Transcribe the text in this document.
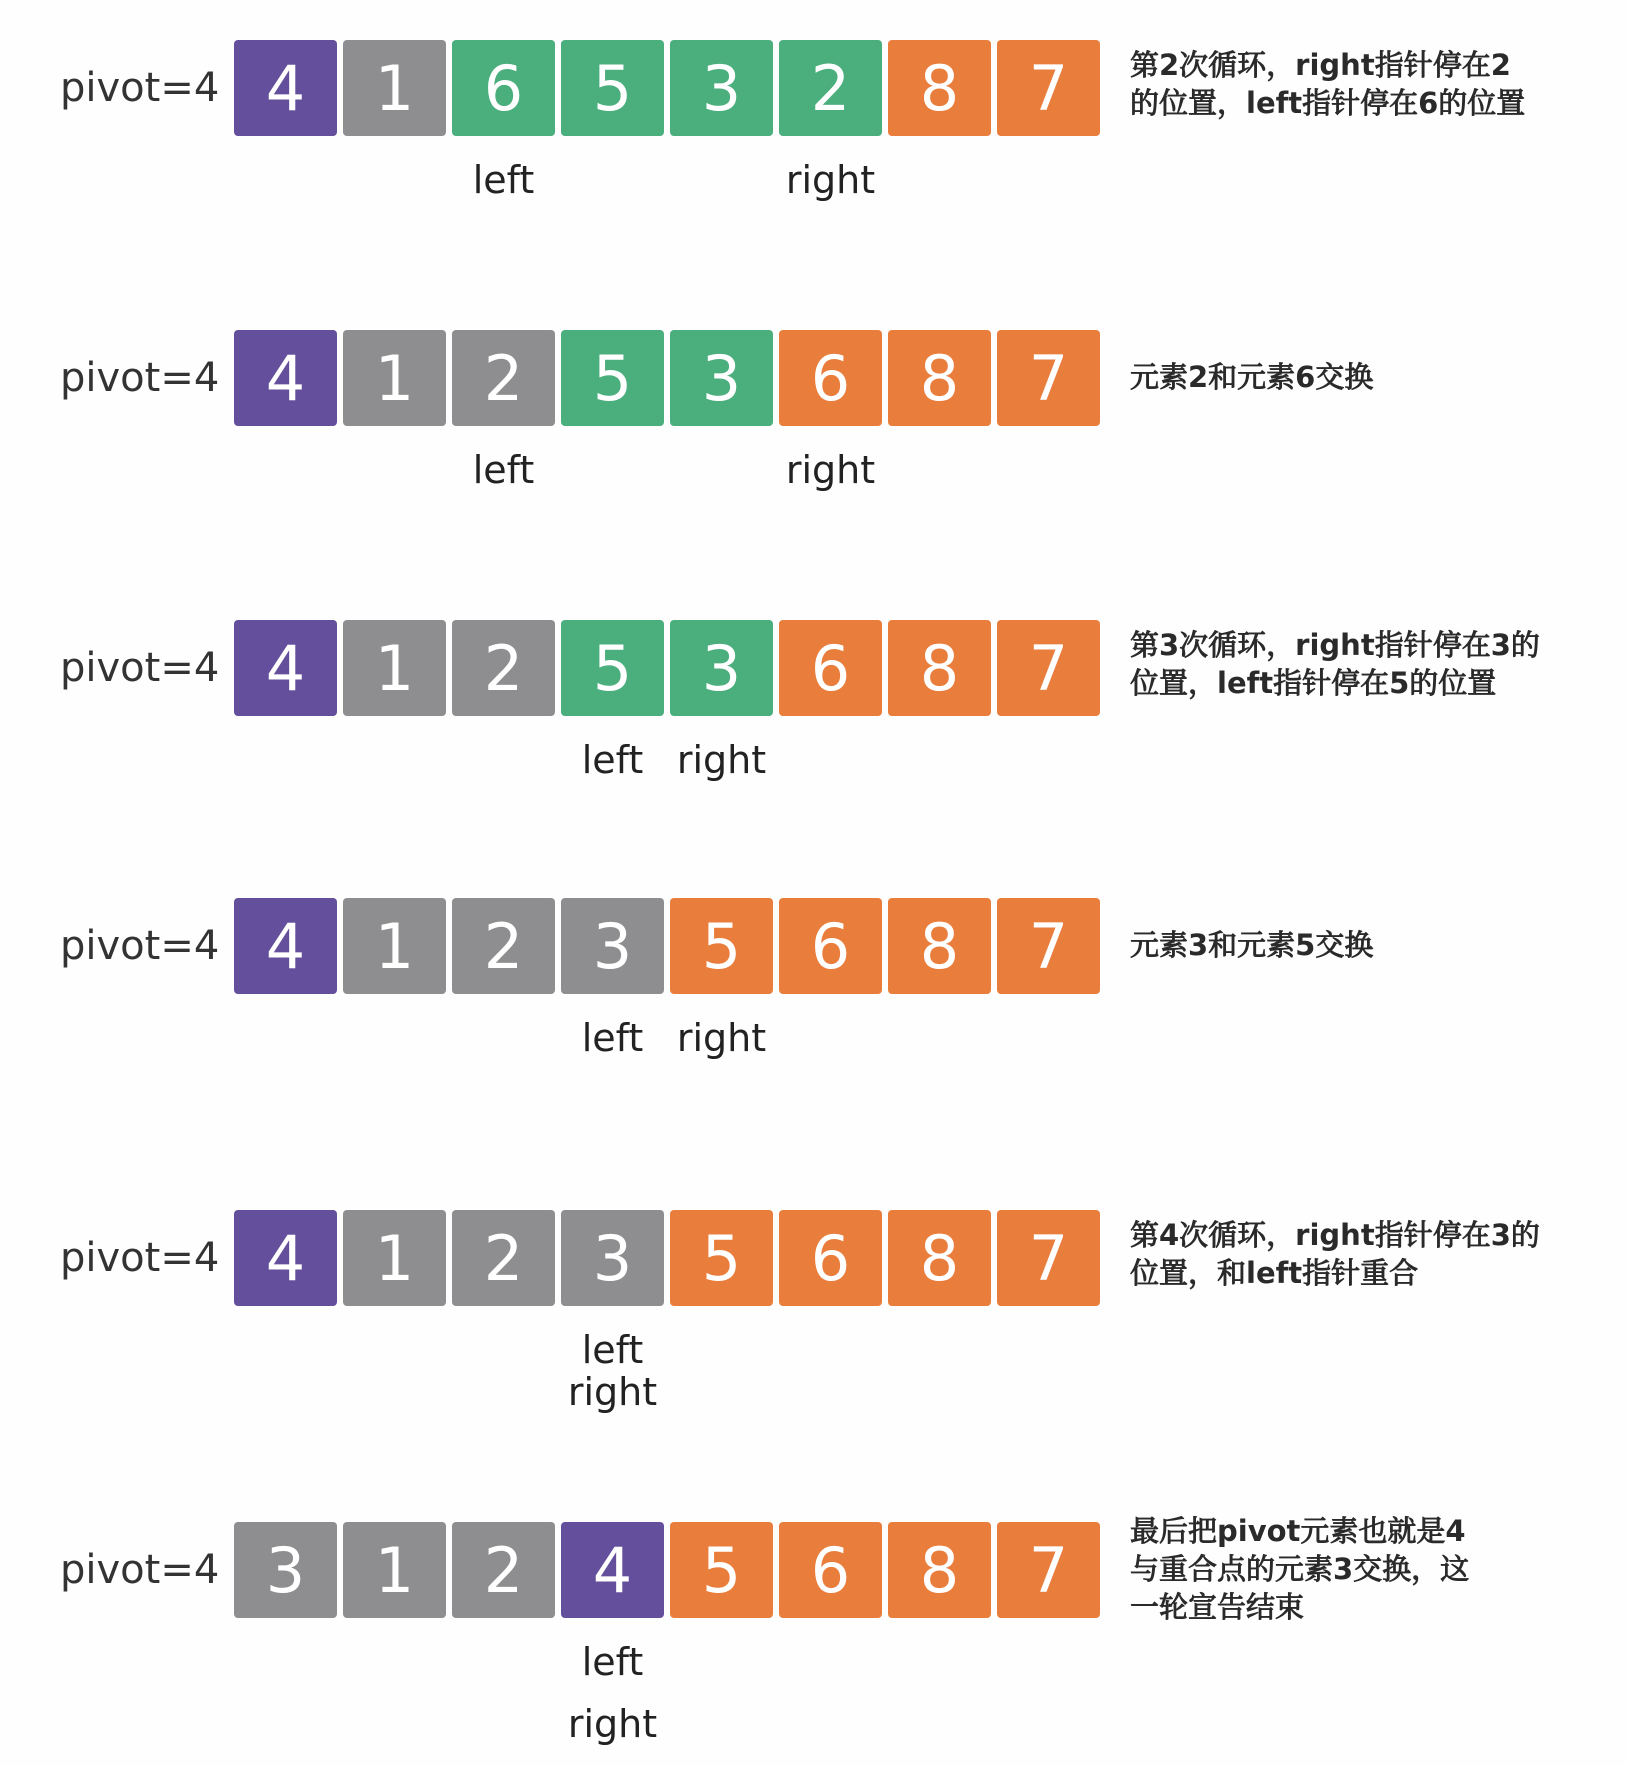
pivot=4 4	1	6	5	3	2	8	7
left	right
第2次循环，right指针停在2
的位置，left指针停在6的位置
pivot=4 4	1	2	5	3	6	8	7
left	right
元素2和元素6交换
pivot=4 4	1	2	5	3	6	8	7
left right
第3次循环，right指针停在3的
位置，left指针停在5的位置
pivot=4 4	1	2	3	5	6	8	7
left right
元素3和元素5交换
pivot=4 4	1	2	3	5	6	8	7
left
right
第4次循环，right指针停在3的
位置，和left指针重合
pivot=4 3	1	2	4	5	6	8	7
left
right
最后把pivot元素也就是4
与重合点的元素3交换，这
一轮宣告结束
